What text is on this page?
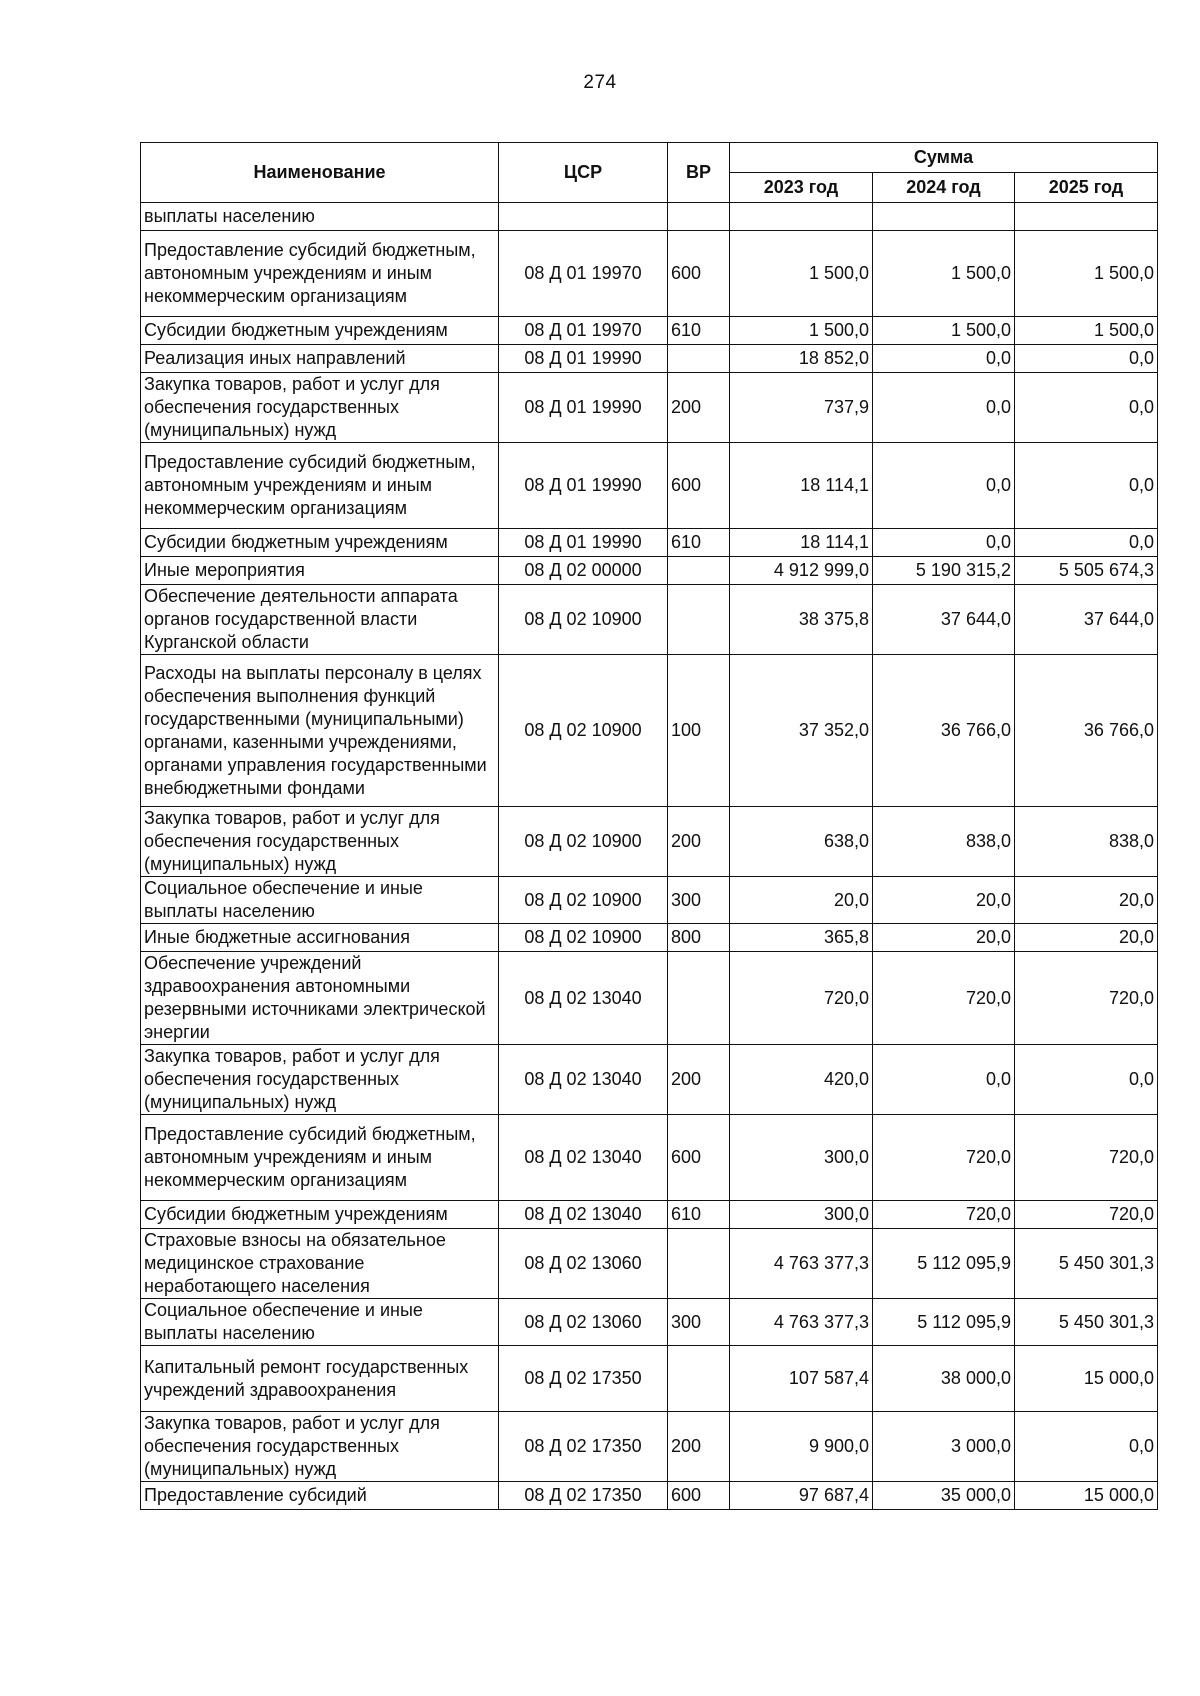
274
Наименование	ЦСР	ВР	Сумма		
			2023 год	2024 год	2025 год
выплаты населению					
Предоставление субсидий бюджетным, автономным учреждениям и иным некоммерческим организациям	08 Д 01 19970	600	1 500,0	1 500,0	1 500,0
Субсидии бюджетным учреждениям	08 Д 01 19970	610	1 500,0	1 500,0	1 500,0
Реализация иных направлений	08 Д 01 19990		18 852,0	0,0	0,0
Закупка товаров, работ и услуг для обеспечения государственных (муниципальных) нужд	08 Д 01 19990	200	737,9	0,0	0,0
Предоставление субсидий бюджетным, автономным учреждениям и иным некоммерческим организациям	08 Д 01 19990	600	18 114,1	0,0	0,0
Субсидии бюджетным учреждениям	08 Д 01 19990	610	18 114,1	0,0	0,0
Иные мероприятия	08 Д 02 00000		4 912 999,0	5 190 315,2	5 505 674,3
Обеспечение деятельности аппарата органов государственной власти Курганской области	08 Д 02 10900		38 375,8	37 644,0	37 644,0
Расходы на выплаты персоналу в целях обеспечения выполнения функций государственными (муниципальными) органами, казенными учреждениями, органами управления государственными внебюджетными фондами	08 Д 02 10900	100	37 352,0	36 766,0	36 766,0
Закупка товаров, работ и услуг для обеспечения государственных (муниципальных) нужд	08 Д 02 10900	200	638,0	838,0	838,0
Социальное обеспечение и иные выплаты населению	08 Д 02 10900	300	20,0	20,0	20,0
Иные бюджетные ассигнования	08 Д 02 10900	800	365,8	20,0	20,0
Обеспечение учреждений здравоохранения автономными резервными источниками электрической энергии	08 Д 02 13040		720,0	720,0	720,0
Закупка товаров, работ и услуг для обеспечения государственных (муниципальных) нужд	08 Д 02 13040	200	420,0	0,0	0,0
Предоставление субсидий бюджетным, автономным учреждениям и иным некоммерческим организациям	08 Д 02 13040	600	300,0	720,0	720,0
Субсидии бюджетным учреждениям	08 Д 02 13040	610	300,0	720,0	720,0
Страховые взносы на обязательное медицинское страхование неработающего населения	08 Д 02 13060		4 763 377,3	5 112 095,9	5 450 301,3
Социальное обеспечение и иные выплаты населению	08 Д 02 13060	300	4 763 377,3	5 112 095,9	5 450 301,3
Капитальный ремонт государственных учреждений здравоохранения	08 Д 02 17350		107 587,4	38 000,0	15 000,0
Закупка товаров, работ и услуг для обеспечения государственных (муниципальных) нужд	08 Д 02 17350	200	9 900,0	3 000,0	0,0
Предоставление субсидий	08 Д 02 17350	600	97 687,4	35 000,0	15 000,0
